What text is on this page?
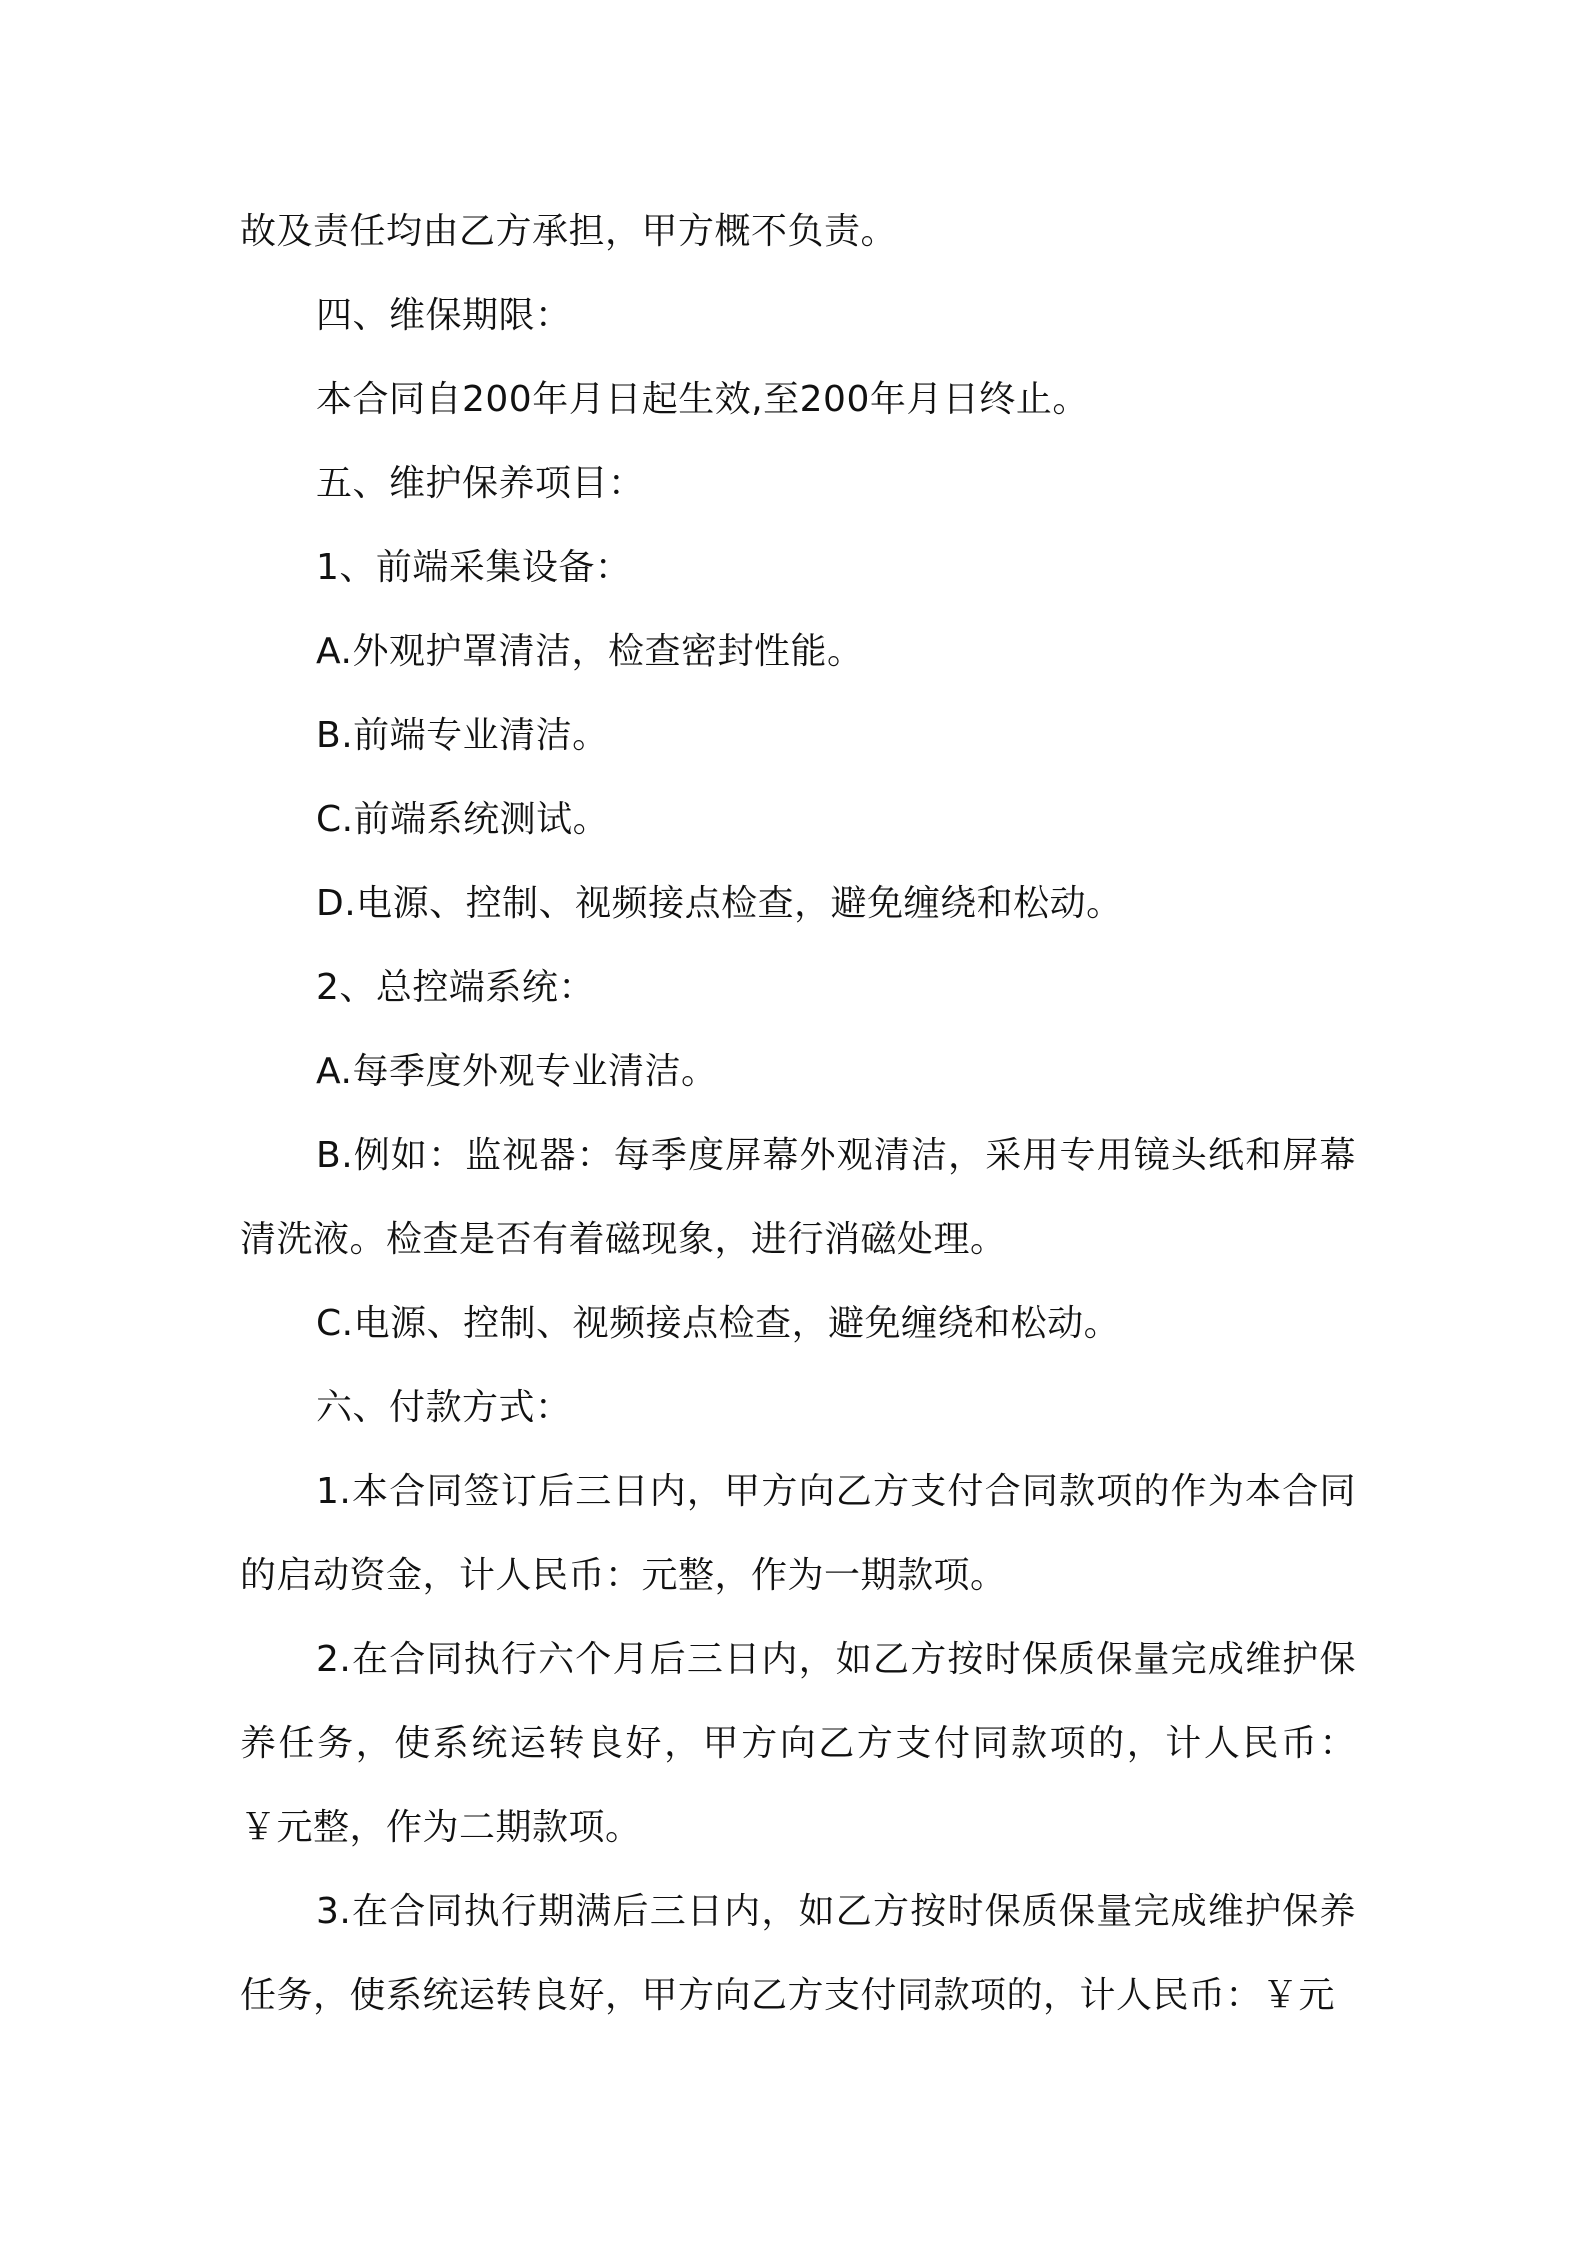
故及责任均由乙方承担，甲方概不负责。

四、维保期限：

本合同自200年月日起生效,至200年月日终止。

五、维护保养项目：

1、前端采集设备：

A.外观护罩清洁，检查密封性能。

B.前端专业清洁。

C.前端系统测试。

D.电源、控制、视频接点检查，避免缠绕和松动。

2、总控端系统：

A.每季度外观专业清洁。

B.例如：监视器：每季度屏幕外观清洁，采用专用镜头纸和屏幕清洗液。检查是否有着磁现象，进行消磁处理。

C.电源、控制、视频接点检查，避免缠绕和松动。

六、付款方式：

1.本合同签订后三日内，甲方向乙方支付合同款项的作为本合同的启动资金，计人民币：元整，作为一期款项。

2.在合同执行六个月后三日内，如乙方按时保质保量完成维护保养任务，使系统运转良好，甲方向乙方支付同款项的，计人民币：￥元整，作为二期款项。

3.在合同执行期满后三日内，如乙方按时保质保量完成维护保养任务，使系统运转良好，甲方向乙方支付同款项的，计人民币：￥元
